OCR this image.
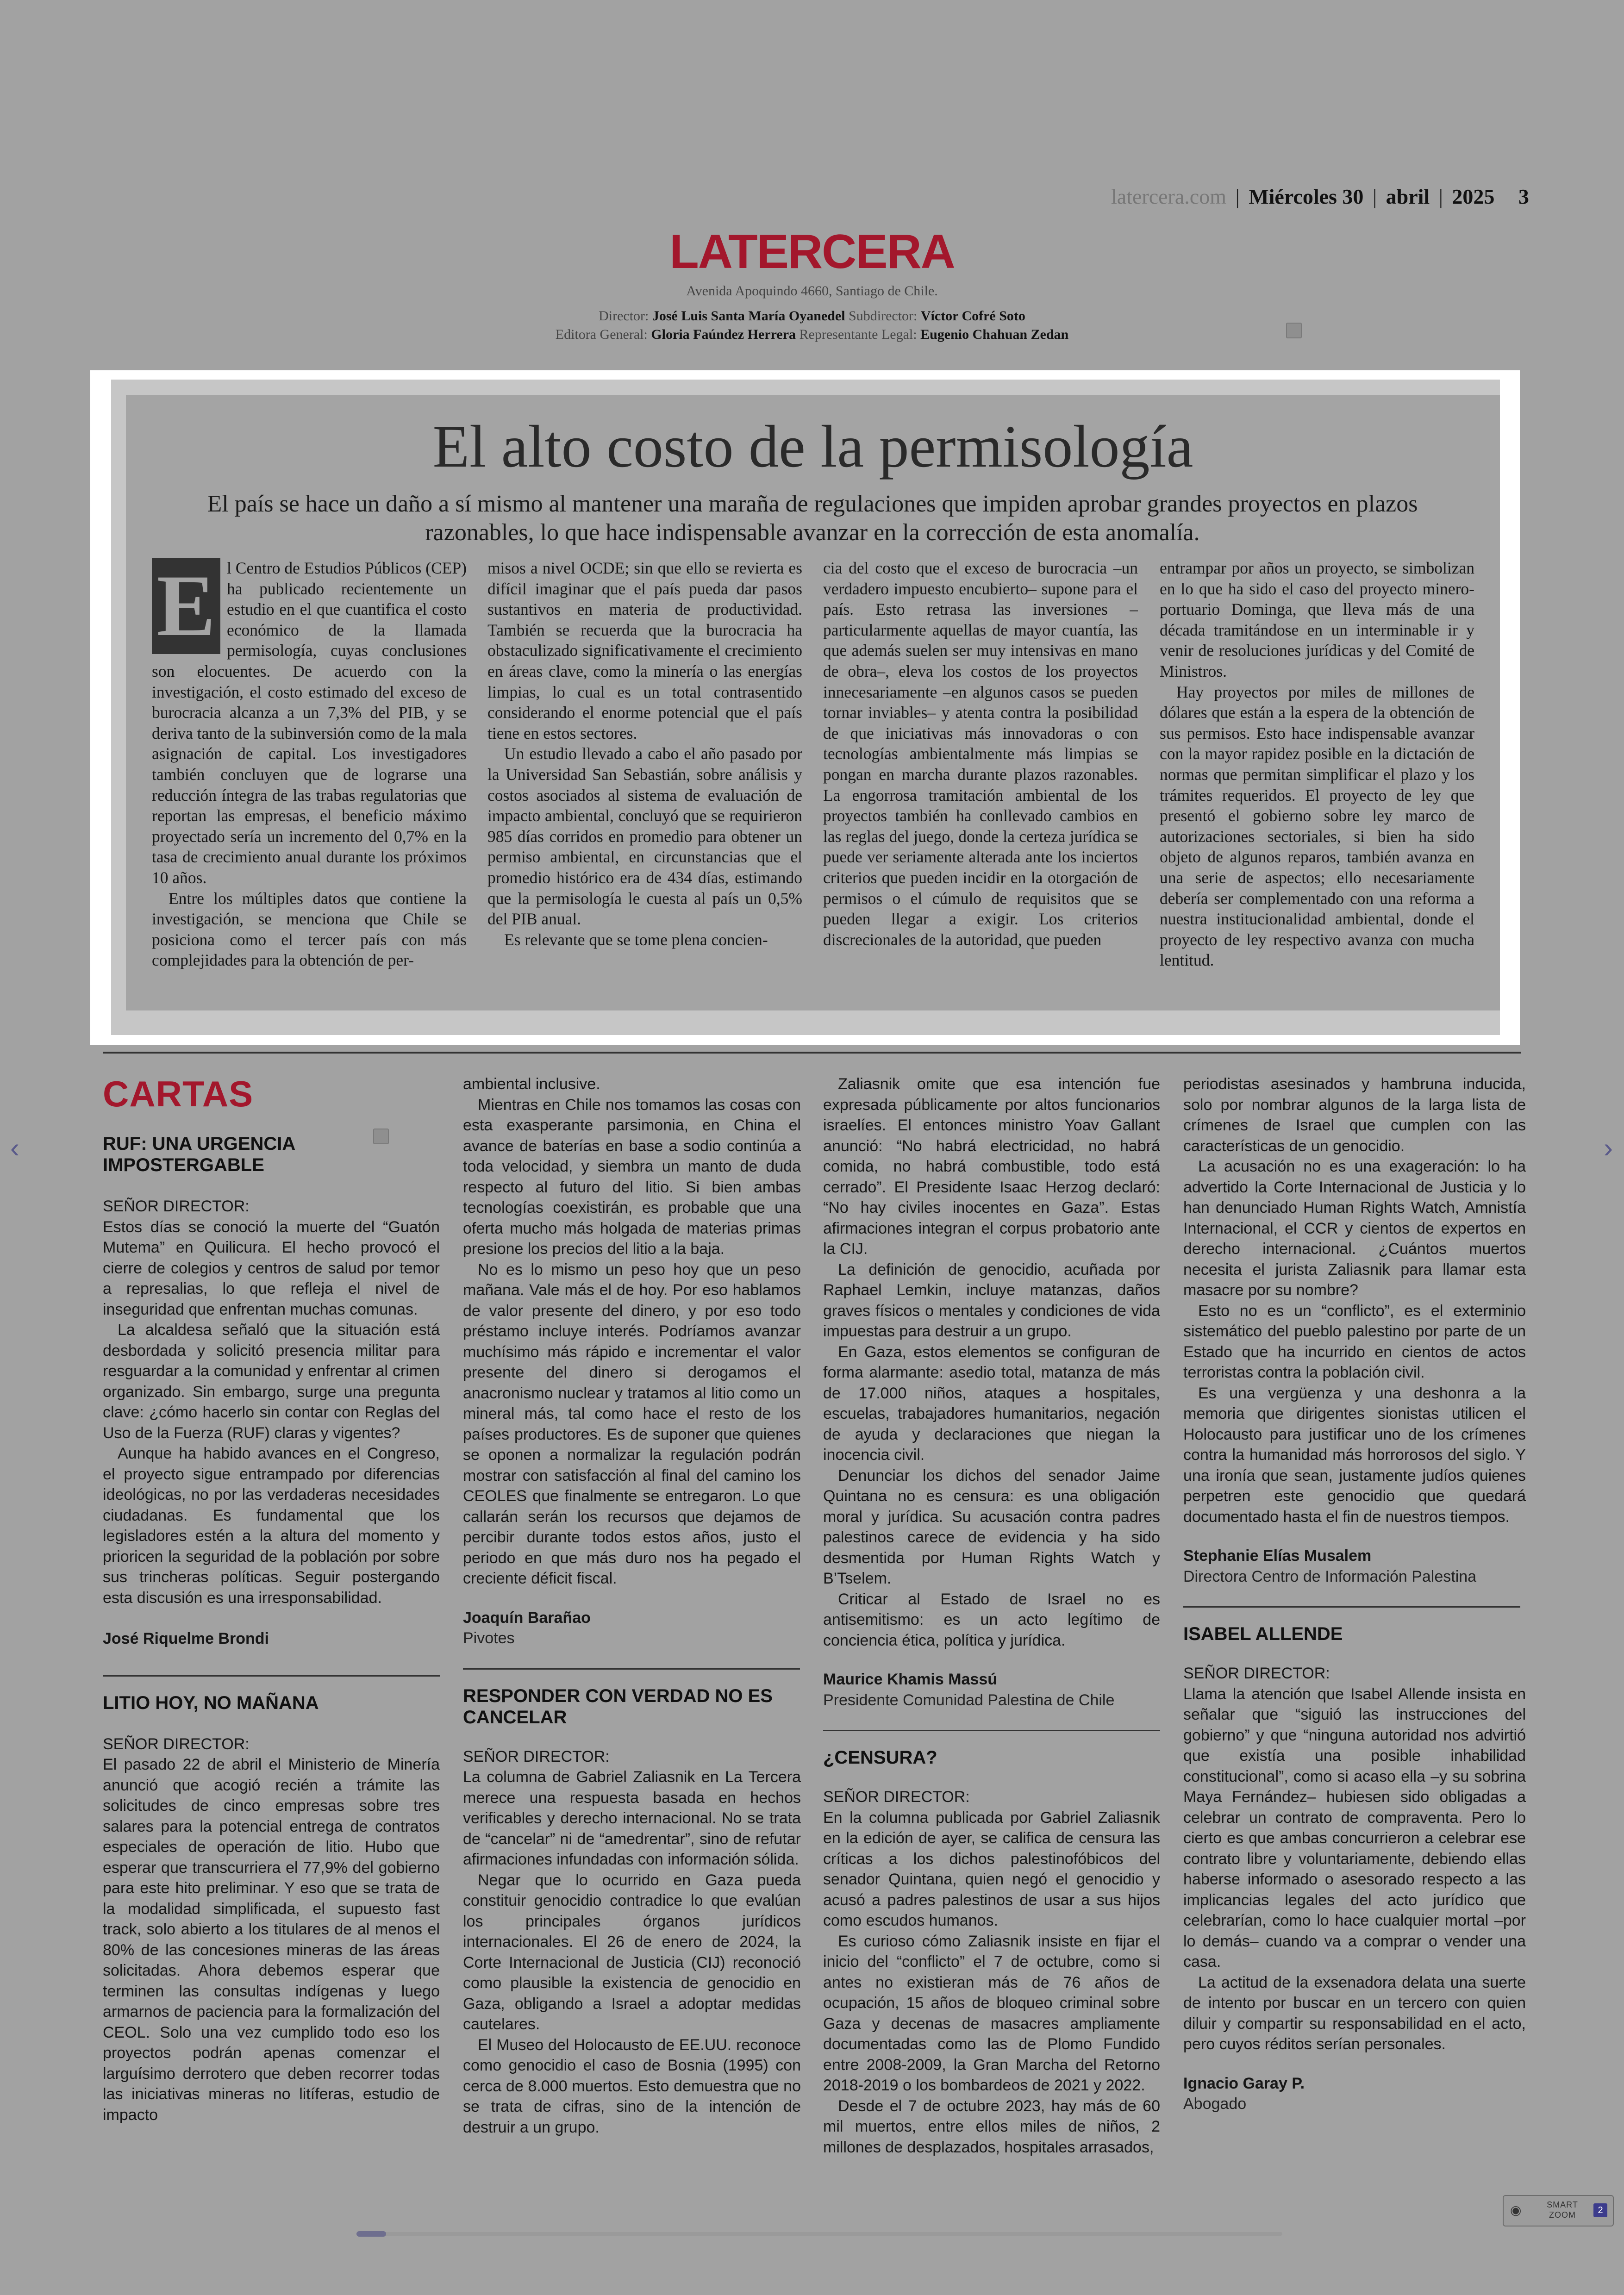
latercera.com | Miércoles 30 | abril | 2025 3
LATERCERA
Avenida Apoquindo 4660, Santiago de Chile.
Director: José Luis Santa María Oyanedel Subdirector: Víctor Cofré Soto
Editora General: Gloria Faúndez Herrera Representante Legal: Eugenio Chahuan Zedan
El alto costo de la permisología
El país se hace un daño a sí mismo al mantener una maraña de regulaciones que impiden aprobar grandes proyectos en plazos razonables, lo que hace indispensable avanzar en la corrección de esta anomalía.
E l Centro de Estudios Públicos (CEP) ha publicado recientemente un estudio en el que cuantifica el costo económico de la llamada permisología, cuyas conclusiones son elocuentes. De acuerdo con la investigación, el costo estimado del exceso de burocracia alcanza a un 7,3% del PIB, y se deriva tanto de la subinversión como de la mala asignación de capital. Los investigadores también concluyen que de lograrse una reducción íntegra de las trabas regulatorias que reportan las empresas, el beneficio máximo proyectado sería un incremento del 0,7% en la tasa de crecimiento anual durante los próximos 10 años.

Entre los múltiples datos que contiene la investigación, se menciona que Chile se posiciona como el tercer país con más complejidades para la obtención de per-

misos a nivel OCDE; sin que ello se revierta es difícil imaginar que el país pueda dar pasos sustantivos en materia de productividad. También se recuerda que la burocracia ha obstaculizado significativamente el crecimiento en áreas clave, como la minería o las energías limpias, lo cual es un total contrasentido considerando el enorme potencial que el país tiene en estos sectores.

Un estudio llevado a cabo el año pasado por la Universidad San Sebastián, sobre análisis y costos asociados al sistema de evaluación de impacto ambiental, concluyó que se requirieron 985 días corridos en promedio para obtener un permiso ambiental, en circunstancias que el promedio histórico era de 434 días, estimando que la permisología le cuesta al país un 0,5% del PIB anual.

Es relevante que se tome plena concien-

cia del costo que el exceso de burocracia –un verdadero impuesto encubierto– supone para el país. Esto retrasa las inversiones –particularmente aquellas de mayor cuantía, las que además suelen ser muy intensivas en mano de obra–, eleva los costos de los proyectos innecesariamente –en algunos casos se pueden tornar inviables– y atenta contra la posibilidad de que iniciativas más innovadoras o con tecnologías ambientalmente más limpias se pongan en marcha durante plazos razonables. La engorrosa tramitación ambiental de los proyectos también ha conllevado cambios en las reglas del juego, donde la certeza jurídica se puede ver seriamente alterada ante los inciertos criterios que pueden incidir en la otorgación de permisos o el cúmulo de requisitos que se pueden llegar a exigir. Los criterios discrecionales de la autoridad, que pueden

entrampar por años un proyecto, se simbolizan en lo que ha sido el caso del proyecto minero-portuario Dominga, que lleva más de una década tramitándose en un interminable ir y venir de resoluciones jurídicas y del Comité de Ministros.

Hay proyectos por miles de millones de dólares que están a la espera de la obtención de sus permisos. Esto hace indispensable avanzar con la mayor rapidez posible en la dictación de normas que permitan simplificar el plazo y los trámites requeridos. El proyecto de ley que presentó el gobierno sobre ley marco de autorizaciones sectoriales, si bien ha sido objeto de algunos reparos, también avanza en una serie de aspectos; ello necesariamente debería ser complementado con una reforma a nuestra institucionalidad ambiental, donde el proyecto de ley respectivo avanza con mucha lentitud.

CARTAS
RUF: UNA URGENCIA IMPOSTERGABLE
SEÑOR DIRECTOR:

Estos días se conoció la muerte del “Guatón Mutema” en Quilicura. El hecho provocó el cierre de colegios y centros de salud por temor a represalias, lo que refleja el nivel de inseguridad que enfrentan muchas comunas.

La alcaldesa señaló que la situación está desbordada y solicitó presencia militar para resguardar a la comunidad y enfrentar al crimen organizado. Sin embargo, surge una pregunta clave: ¿cómo hacerlo sin contar con Reglas del Uso de la Fuerza (RUF) claras y vigentes?

Aunque ha habido avances en el Congreso, el proyecto sigue entrampado por diferencias ideológicas, no por las verdaderas necesidades ciudadanas. Es fundamental que los legisladores estén a la altura del momento y prioricen la seguridad de la población por sobre sus trincheras políticas. Seguir postergando esta discusión es una irresponsabilidad.

José Riquelme Brondi
LITIO HOY, NO MAÑANA
SEÑOR DIRECTOR:

El pasado 22 de abril el Ministerio de Minería anunció que acogió recién a trámite las solicitudes de cinco empresas sobre tres salares para la potencial entrega de contratos especiales de operación de litio. Hubo que esperar que transcurriera el 77,9% del gobierno para este hito preliminar. Y eso que se trata de la modalidad simplificada, el supuesto fast track, solo abierto a los titulares de al menos el 80% de las concesiones mineras de las áreas solicitadas. Ahora debemos esperar que terminen las consultas indígenas y luego armarnos de paciencia para la formalización del CEOL. Solo una vez cumplido todo eso los proyectos podrán apenas comenzar el larguísimo derrotero que deben recorrer todas las iniciativas mineras no litíferas, estudio de impacto

ambiental inclusive.

Mientras en Chile nos tomamos las cosas con esta exasperante parsimonia, en China el avance de baterías en base a sodio continúa a toda velocidad, y siembra un manto de duda respecto al futuro del litio. Si bien ambas tecnologías coexistirán, es probable que una oferta mucho más holgada de materias primas presione los precios del litio a la baja.

No es lo mismo un peso hoy que un peso mañana. Vale más el de hoy. Por eso hablamos de valor presente del dinero, y por eso todo préstamo incluye interés. Podríamos avanzar muchísimo más rápido e incrementar el valor presente del dinero si derogamos el anacronismo nuclear y tratamos al litio como un mineral más, tal como hace el resto de los países productores. Es de suponer que quienes se oponen a normalizar la regulación podrán mostrar con satisfacción al final del camino los CEOLES que finalmente se entregaron. Lo que callarán serán los recursos que dejamos de percibir durante todos estos años, justo el periodo en que más duro nos ha pegado el creciente déficit fiscal.

Joaquín Barañao
Pivotes
RESPONDER CON VERDAD NO ES CANCELAR
SEÑOR DIRECTOR:

La columna de Gabriel Zaliasnik en La Tercera merece una respuesta basada en hechos verificables y derecho internacional. No se trata de “cancelar” ni de “amedrentar”, sino de refutar afirmaciones infundadas con información sólida.

Negar que lo ocurrido en Gaza pueda constituir genocidio contradice lo que evalúan los principales órganos jurídicos internacionales. El 26 de enero de 2024, la Corte Internacional de Justicia (CIJ) reconoció como plausible la existencia de genocidio en Gaza, obligando a Israel a adoptar medidas cautelares.

El Museo del Holocausto de EE.UU. reconoce como genocidio el caso de Bosnia (1995) con cerca de 8.000 muertos. Esto demuestra que no se trata de cifras, sino de la intención de destruir a un grupo.

Zaliasnik omite que esa intención fue expresada públicamente por altos funcionarios israelíes. El entonces ministro Yoav Gallant anunció: “No habrá electricidad, no habrá comida, no habrá combustible, todo está cerrado”. El Presidente Isaac Herzog declaró: “No hay civiles inocentes en Gaza”. Estas afirmaciones integran el corpus probatorio ante la CIJ.

La definición de genocidio, acuñada por Raphael Lemkin, incluye matanzas, daños graves físicos o mentales y condiciones de vida impuestas para destruir a un grupo.

En Gaza, estos elementos se configuran de forma alarmante: asedio total, matanza de más de 17.000 niños, ataques a hospitales, escuelas, trabajadores humanitarios, negación de ayuda y declaraciones que niegan la inocencia civil.

Denunciar los dichos del senador Jaime Quintana no es censura: es una obligación moral y jurídica. Su acusación contra padres palestinos carece de evidencia y ha sido desmentida por Human Rights Watch y B’Tselem.

Criticar al Estado de Israel no es antisemitismo: es un acto legítimo de conciencia ética, política y jurídica.

Maurice Khamis Massú
Presidente Comunidad Palestina de Chile
¿CENSURA?
SEÑOR DIRECTOR:

En la columna publicada por Gabriel Zaliasnik en la edición de ayer, se califica de censura las críticas a los dichos palestinofóbicos del senador Quintana, quien negó el genocidio y acusó a padres palestinos de usar a sus hijos como escudos humanos.

Es curioso cómo Zaliasnik insiste en fijar el inicio del “conflicto” el 7 de octubre, como si antes no existieran más de 76 años de ocupación, 15 años de bloqueo criminal sobre Gaza y decenas de masacres ampliamente documentadas como las de Plomo Fundido entre 2008-2009, la Gran Marcha del Retorno 2018-2019 o los bombardeos de 2021 y 2022.

Desde el 7 de octubre 2023, hay más de 60 mil muertos, entre ellos miles de niños, 2 millones de desplazados, hospitales arrasados,

periodistas asesinados y hambruna inducida, solo por nombrar algunos de la larga lista de crímenes de Israel que cumplen con las características de un genocidio.

La acusación no es una exageración: lo ha advertido la Corte Internacional de Justicia y lo han denunciado Human Rights Watch, Amnistía Internacional, el CCR y cientos de expertos en derecho internacional. ¿Cuántos muertos necesita el jurista Zaliasnik para llamar esta masacre por su nombre?

Esto no es un “conflicto”, es el exterminio sistemático del pueblo palestino por parte de un Estado que ha incurrido en cientos de actos terroristas contra la población civil.

Es una vergüenza y una deshonra a la memoria que dirigentes sionistas utilicen el Holocausto para justificar uno de los crímenes contra la humanidad más horrorosos del siglo. Y una ironía que sean, justamente judíos quienes perpetren este genocidio que quedará documentado hasta el fin de nuestros tiempos.

Stephanie Elías Musalem
Directora Centro de Información Palestina
ISABEL ALLENDE
SEÑOR DIRECTOR:

Llama la atención que Isabel Allende insista en señalar que “siguió las instrucciones del gobierno” y que “ninguna autoridad nos advirtió que existía una posible inhabilidad constitucional”, como si acaso ella –y su sobrina Maya Fernández– hubiesen sido obligadas a celebrar un contrato de compraventa. Pero lo cierto es que ambas concurrieron a celebrar ese contrato libre y voluntariamente, debiendo ellas haberse informado o asesorado respecto a las implicancias legales del acto jurídico que celebrarían, como lo hace cualquier mortal –por lo demás– cuando va a comprar o vender una casa.

La actitud de la exsenadora delata una suerte de intento por buscar en un tercero con quien diluir y compartir su responsabilidad en el acto, pero cuyos réditos serían personales.

Ignacio Garay P.
Abogado
‹	›
◉	SMART ZOOM	2
